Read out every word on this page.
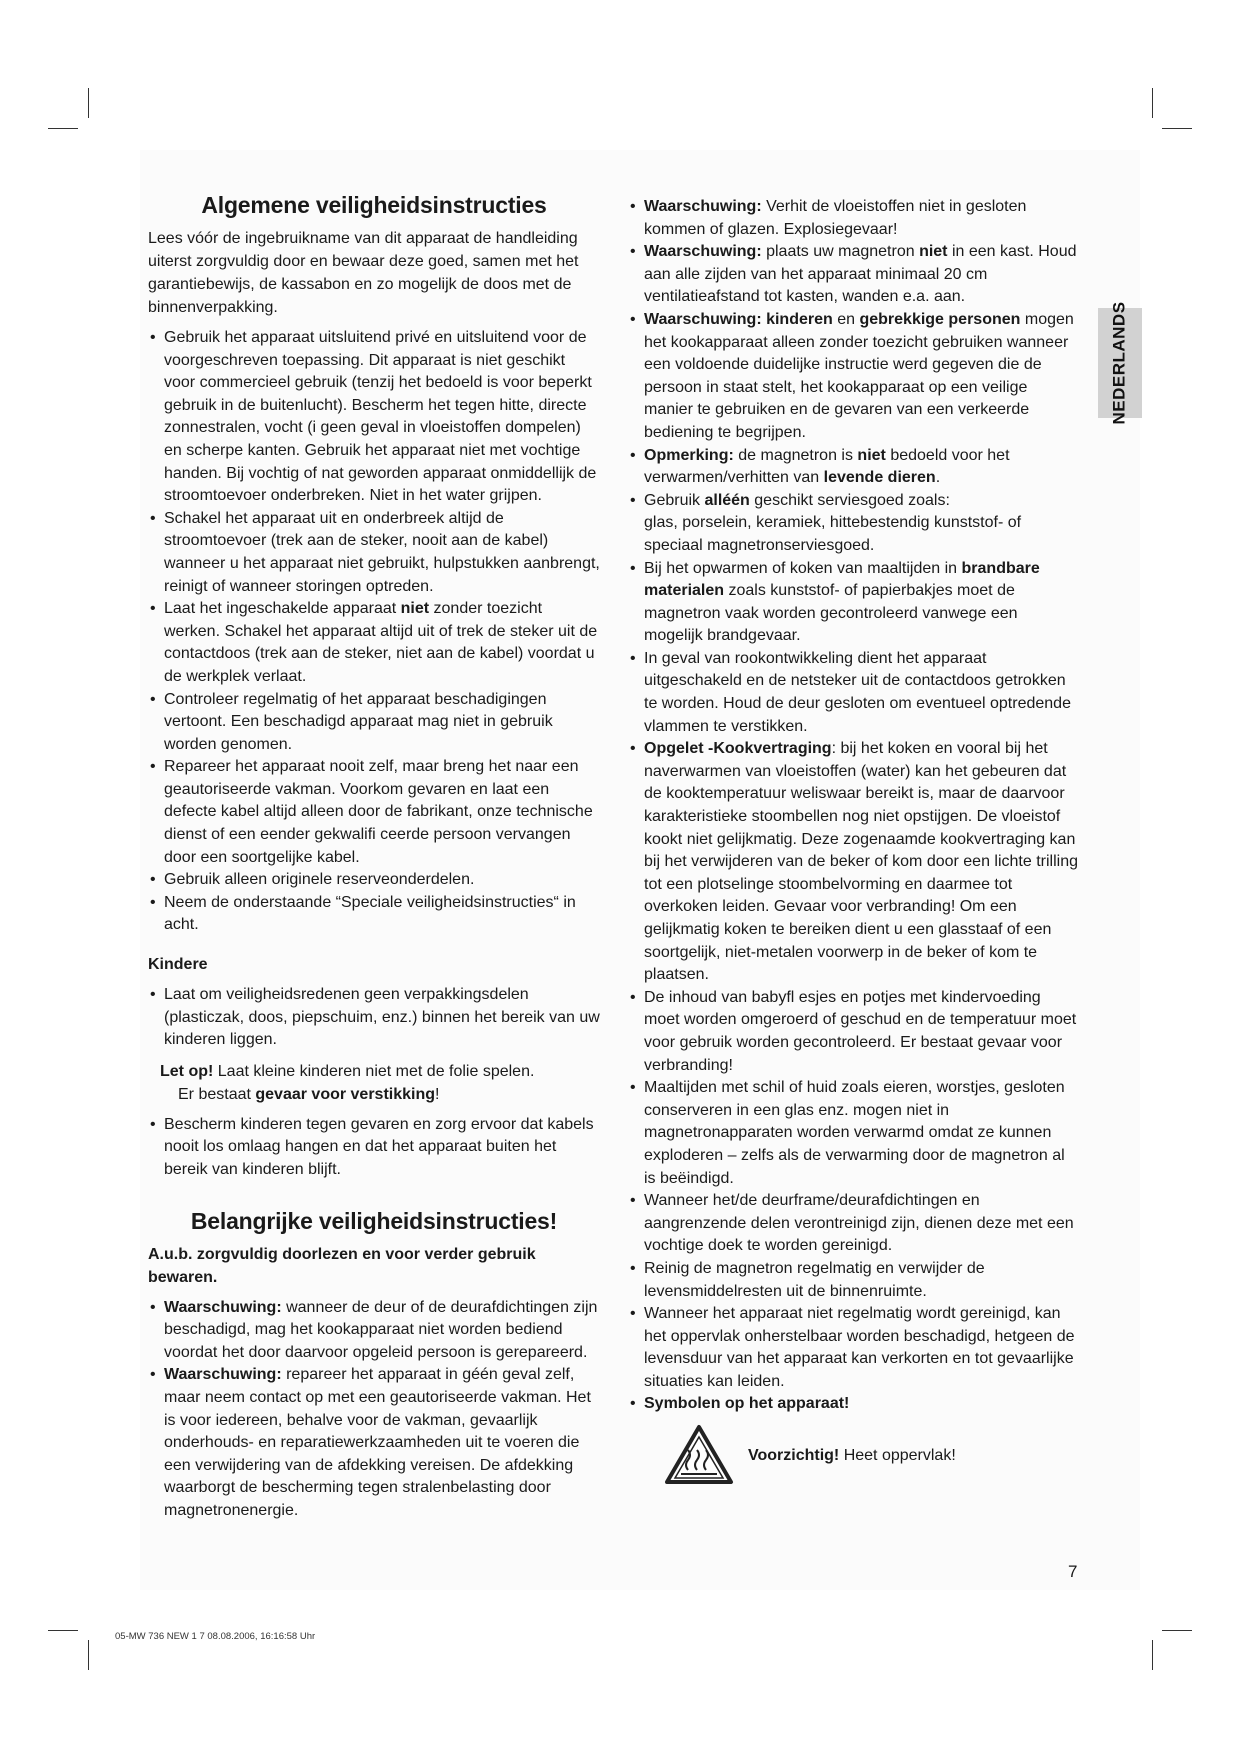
Algemene veiligheidsinstructies

Lees vóór de ingebruikname van dit apparaat de handleiding uiterst zorgvuldig door en bewaar deze goed, samen met het garantiebewijs, de kassabon en zo mogelijk de doos met de binnenverpakking.

• Gebruik het apparaat uitsluitend privé en uitsluitend voor de voorgeschreven toepassing. Dit apparaat is niet geschikt voor commercieel gebruik (tenzij het bedoeld is voor beperkt gebruik in de buitenlucht). Bescherm het tegen hitte, directe zonnestralen, vocht (i geen geval in vloeistoffen dompelen) en scherpe kanten. Gebruik het apparaat niet met vochtige handen. Bij vochtig of nat geworden apparaat onmiddellijk de stroomtoevoer onderbreken. Niet in het water grijpen.
• Schakel het apparaat uit en onderbreek altijd de stroomtoevoer (trek aan de steker, nooit aan de kabel) wanneer u het apparaat niet gebruikt, hulpstukken aanbrengt, reinigt of wanneer storingen optreden.
• Laat het ingeschakelde apparaat niet zonder toezicht werken. Schakel het apparaat altijd uit of trek de steker uit de contactdoos (trek aan de steker, niet aan de kabel) voordat u de werkplek verlaat.
• Controleer regelmatig of het apparaat beschadigingen vertoont. Een beschadigd apparaat mag niet in gebruik worden genomen.
• Repareer het apparaat nooit zelf, maar breng het naar een geautoriseerde vakman. Voorkom gevaren en laat een defecte kabel altijd alleen door de fabrikant, onze technische dienst of een eender gekwalifi ceerde persoon vervangen door een soortgelijke kabel.
• Gebruik alleen originele reserveonderdelen.
• Neem de onderstaande “Speciale veiligheidsinstructies“ in acht.

Kindere

• Laat om veiligheidsredenen geen verpakkingsdelen (plasticzak, doos, piepschuim, enz.) binnen het bereik van uw kinderen liggen.
Let op! Laat kleine kinderen niet met de folie spelen.
Er bestaat gevaar voor verstikking!
• Bescherm kinderen tegen gevaren en zorg ervoor dat kabels nooit los omlaag hangen en dat het apparaat buiten het bereik van kinderen blijft.
Belangrijke veiligheidsinstructies!

A.u.b. zorgvuldig doorlezen en voor verder gebruik bewaren.

• Waarschuwing: wanneer de deur of de deurafdichtingen zijn beschadigd, mag het kookapparaat niet worden bediend voordat het door daarvoor opgeleid persoon is gerepareerd.
• Waarschuwing: repareer het apparaat in géén geval zelf, maar neem contact op met een geautoriseerde vakman. Het is voor iedereen, behalve voor de vakman, gevaarlijk onderhouds- en reparatiewerkzaamheden uit te voeren die een verwijdering van de afdekking vereisen. De afdekking waarborgt de bescherming tegen stralenbelasting door magnetronenergie.
• Waarschuwing: Verhit de vloeistoffen niet in gesloten kommen of glazen. Explosiegevaar!
• Waarschuwing: plaats uw magnetron niet in een kast. Houd aan alle zijden van het apparaat minimaal 20 cm ventilatieafstand tot kasten, wanden e.a. aan.
• Waarschuwing: kinderen en gebrekkige personen mogen het kookapparaat alleen zonder toezicht gebruiken wanneer een voldoende duidelijke instructie werd gegeven die de persoon in staat stelt, het kookapparaat op een veilige manier te gebruiken en de gevaren van een verkeerde bediening te begrijpen.
• Opmerking: de magnetron is niet bedoeld voor het verwarmen/verhitten van levende dieren.
• Gebruik alléén geschikt serviesgoed zoals:
glas, porselein, keramiek, hittebestendig kunststof- of speciaal magnetronserviesgoed.
• Bij het opwarmen of koken van maaltijden in brandbare materialen zoals kunststof- of papierbakjes moet de magnetron vaak worden gecontroleerd vanwege een mogelijk brandgevaar.
• In geval van rookontwikkeling dient het apparaat uitgeschakeld en de netsteker uit de contactdoos getrokken te worden. Houd de deur gesloten om eventueel optredende vlammen te verstikken.
• Opgelet -Kookvertraging: bij het koken en vooral bij het naverwarmen van vloeistoffen (water) kan het gebeuren dat de kooktemperatuur weliswaar bereikt is, maar de daarvoor karakteristieke stoombellen nog niet opstijgen. De vloeistof kookt niet gelijkmatig. Deze zogenaamde kookvertraging kan bij het verwijderen van de beker of kom door een lichte trilling tot een plotselinge stoombelvorming en daarmee tot overkoken leiden. Gevaar voor verbranding! Om een gelijkmatig koken te bereiken dient u een glasstaaf of een soortgelijk, niet-metalen voorwerp in de beker of kom te plaatsen.
• De inhoud van babyfl esjes en potjes met kindervoeding moet worden omgeroerd of geschud en de temperatuur moet voor gebruik worden gecontroleerd. Er bestaat gevaar voor verbranding!
• Maaltijden met schil of huid zoals eieren, worstjes, gesloten conserveren in een glas enz. mogen niet in magnetronapparaten worden verwarmd omdat ze kunnen exploderen – zelfs als de verwarming door de magnetron al is beëindigd.
• Wanneer het/de deurframe/deurafdichtingen en aangrenzende delen verontreinigd zijn, dienen deze met een vochtige doek te worden gereinigd.
• Reinig de magnetron regelmatig en verwijder de levensmiddelresten uit de binnenruimte.
• Wanneer het apparaat niet regelmatig wordt gereinigd, kan het oppervlak onherstelbaar worden beschadigd, hetgeen de levensduur van het apparaat kan verkorten en tot gevaarlijke situaties kan leiden.
• Symbolen op het apparaat!

Voorzichtig! Heet oppervlak!

NEDERLANDS
7
05-MW 736 NEW 1 7 08.08.2006, 16:16:58 Uhr
